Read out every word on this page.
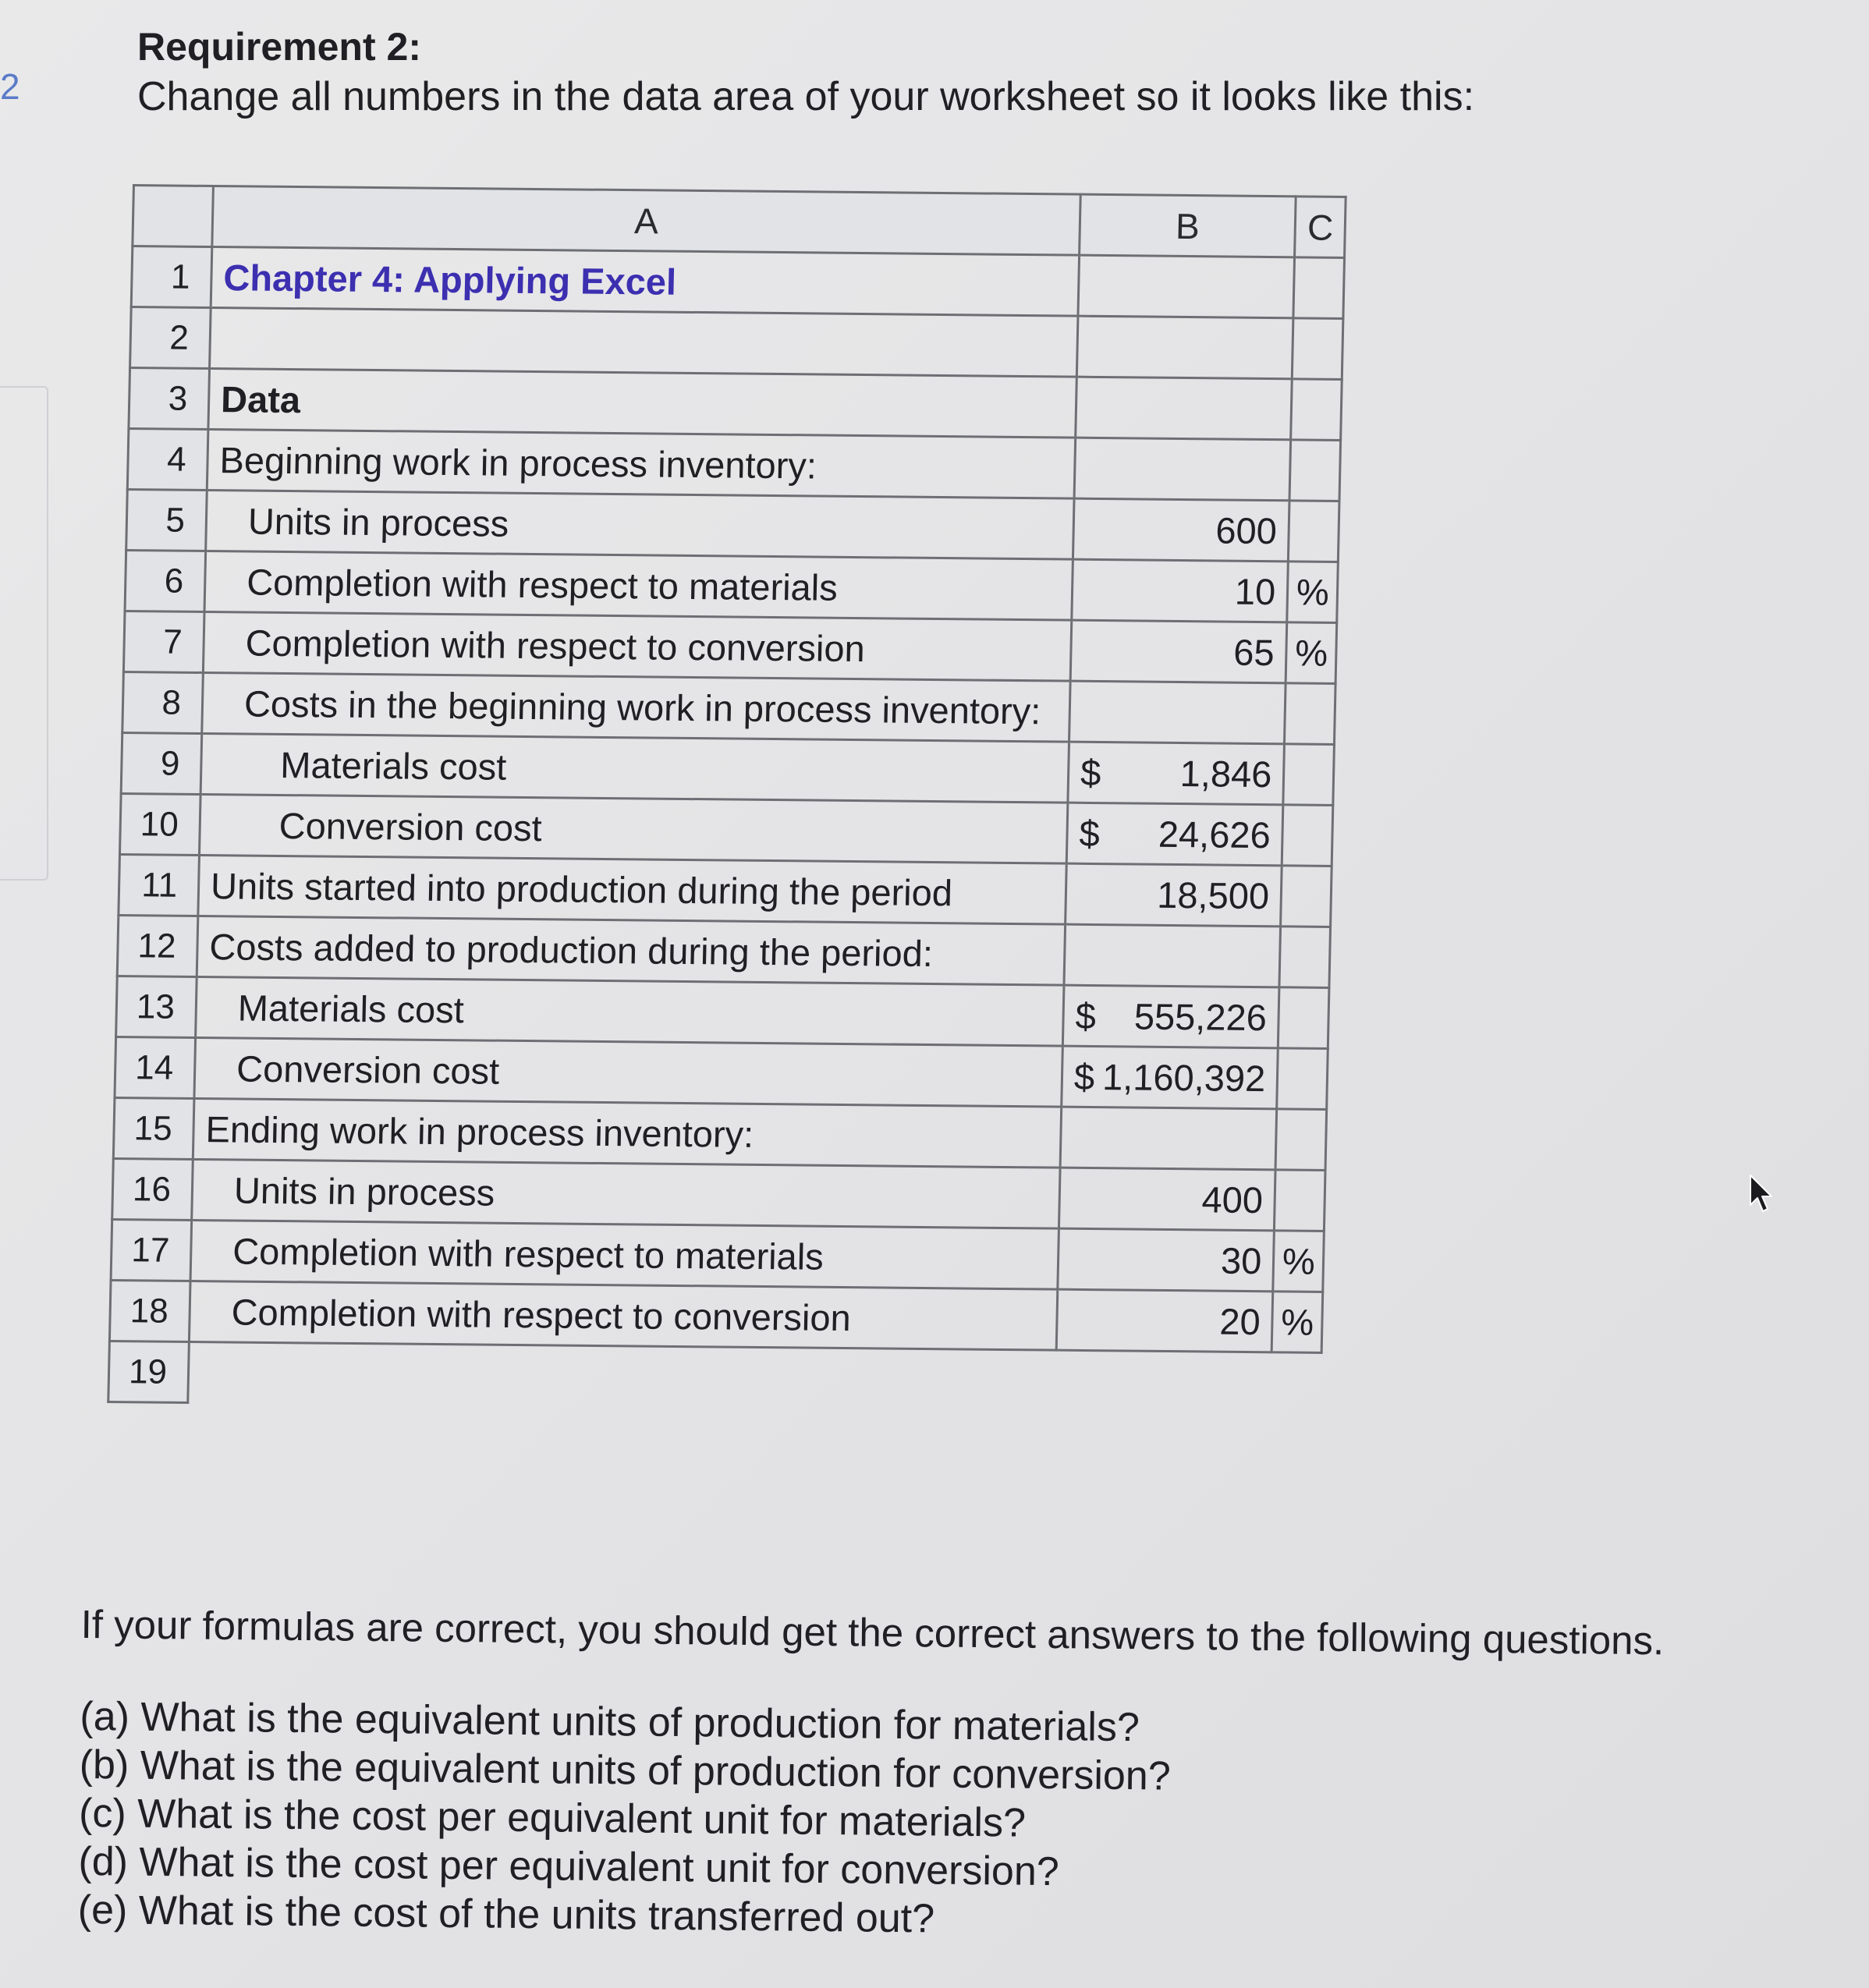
2
Requirement 2:
Change all numbers in the data area of your worksheet so it looks like this:
	A	B	C
1	Chapter 4: Applying Excel		
2			
3	Data		
4	Beginning work in process inventory:		
5	Units in process	600	
6	Completion with respect to materials	10	%
7	Completion with respect to conversion	65	%
8	Costs in the beginning work in process inventory:		
9	Materials cost	$ 1,846	

10	Conversion cost	$ 24,626	

11	Units started into production during the period	18,500	
12	Costs added to production during the period:		
13	Materials cost	$ 555,226	

14	Conversion cost	$ 1,160,392	

15	Ending work in process inventory:		
16	Units in process	400	
17	Completion with respect to materials	30	%
18	Completion with respect to conversion	20	%
19			
If your formulas are correct, you should get the correct answers to the following questions.
(a) What is the equivalent units of production for materials?
(b) What is the equivalent units of production for conversion?
(c) What is the cost per equivalent unit for materials?
(d) What is the cost per equivalent unit for conversion?
(e) What is the cost of the units transferred out?
